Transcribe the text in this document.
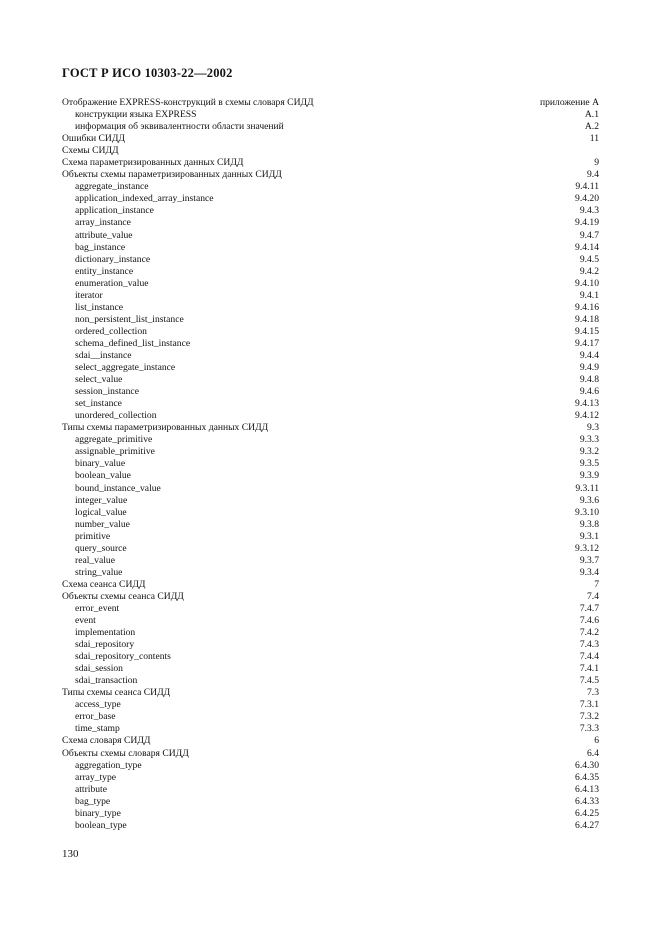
ГОСТ Р ИСО 10303-22—2002
Отображение EXPRESS-конструкций в схемы словаря СИДД	приложение А
конструкции языка EXPRESS	A.1
информация об эквивалентности области значений	A.2
Ошибки СИДД	11
Схемы СИДД
Схема параметризированных данных СИДД	9
Объекты схемы параметризированных данных СИДД	9.4
aggregate_instance	9.4.11
application_indexed_array_instance	9.4.20
application_instance	9.4.3
array_instance	9.4.19
attribute_value	9.4.7
bag_instance	9.4.14
dictionary_instance	9.4.5
entity_instance	9.4.2
enumeration_value	9.4.10
iterator	9.4.1
list_instance	9.4.16
non_persistent_list_instance	9.4.18
ordered_collection	9.4.15
schema_defined_list_instance	9.4.17
sdai__instance	9.4.4
select_aggregate_instance	9.4.9
select_value	9.4.8
session_instance	9.4.6
set_instance	9.4.13
unordered_collection	9.4.12
Типы схемы параметризированных данных СИДД	9.3
aggregate_primitive	9.3.3
assignable_primitive	9.3.2
binary_value	9.3.5
boolean_value	9.3.9
bound_instance_value	9.3.11
integer_value	9.3.6
logical_value	9.3.10
number_value	9.3.8
primitive	9.3.1
query_source	9.3.12
real_value	9.3.7
string_value	9.3.4
Схема сеанса СИДД	7
Объекты схемы сеанса СИДД	7.4
error_event	7.4.7
event	7.4.6
implementation	7.4.2
sdai_repository	7.4.3
sdai_repository_contents	7.4.4
sdai_session	7.4.1
sdai_transaction	7.4.5
Типы схемы сеанса СИДД	7.3
access_type	7.3.1
error_base	7.3.2
time_stamp	7.3.3
Схема словаря СИДД	6
Объекты схемы словаря СИДД	6.4
aggregation_type	6.4.30
array_type	6.4.35
attribute	6.4.13
bag_type	6.4.33
binary_type	6.4.25
boolean_type	6.4.27
130
